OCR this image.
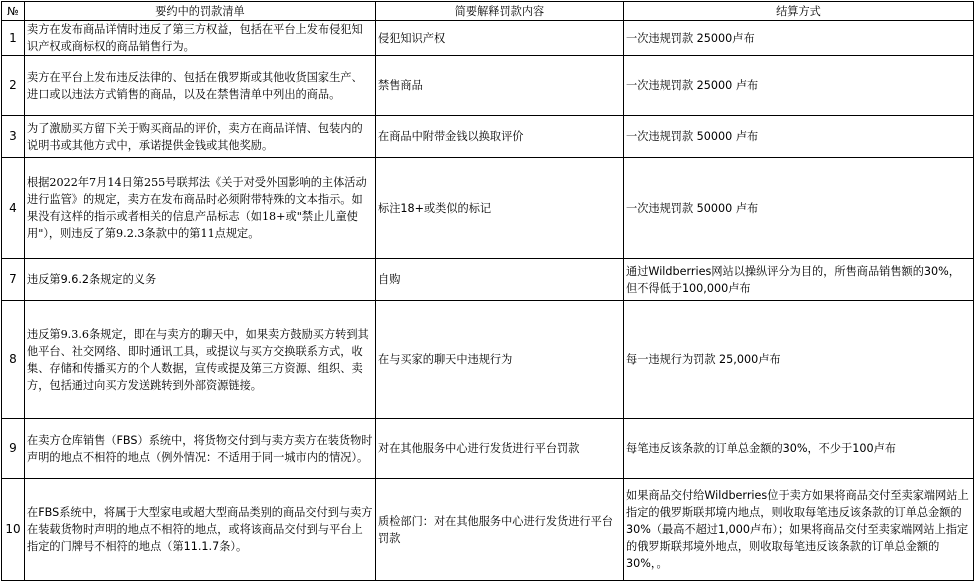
№	要约中的罚款清单	简要解释罚款内容	结算方式
1	卖方在发布商品详情时违反了第三方权益，包括在平台上发布侵犯知识产权或商标权的商品销售行为。	侵犯知识产权	一次违规罚款 25000卢布
2	卖方在平台上发布违反法律的、包括在俄罗斯或其他收货国家生产、进口或以违法方式销售的商品，以及在禁售清单中列出的商品。	禁售商品	一次违规罚款 25000 卢布
3	为了激励买方留下关于购买商品的评价，卖方在商品详情、包装内的说明书或其他方式中，承诺提供金钱或其他奖励。	在商品中附带金钱以换取评价	一次违规罚款 50000 卢布
4	根据2022年7月14日第255号联邦法《关于对受外国影响的主体活动进行监管》的规定，卖方在发布商品时必须附带特殊的文本指示。如果没有这样的指示或者相关的信息产品标志（如18+或"禁止儿童使用"），则违反了第9.2.3条款中的第11点规定。	标注18+或类似的标记	一次违规罚款 50000 卢布
7	违反第9.6.2条规定的义务	自购	通过Wildberries网站以操纵评分为目的，所售商品销售额的30%，但不得低于100,000卢布
8	违反第9.3.6条规定，即在与卖方的聊天中，如果卖方鼓励买方转到其他平台、社交网络、即时通讯工具，或提议与买方交换联系方式，收集、存储和传播买方的个人数据，宣传或提及第三方资源、组织、卖方，包括通过向买方发送跳转到外部资源链接。	在与买家的聊天中违规行为	每一违规行为罚款 25,000卢布
9	在卖方仓库销售（FBS）系统中，将货物交付到与卖方卖方在装货物时声明的地点不相符的地点（例外情况：不适用于同一城市内的情况）。	对在其他服务中心进行发货进行平台罚款	每笔违反该条款的订单总金额的30%，不少于100卢布
10	在FBS系统中，将属于大型家电或超大型商品类别的商品交付到与卖方在装载货物时声明的地点不相符的地点，或将该商品交付到与平台上指定的门牌号不相符的地点（第11.1.7条）。	质检部门：对在其他服务中心进行发货进行平台罚款	如果商品交付给Wildberries位于卖方如果将商品交付至卖家端网站上指定的俄罗斯联邦境内地点，则收取每笔违反该条款的订单总金额的30%（最高不超过1,000卢布）；如果将商品交付至卖家端网站上指定的俄罗斯联邦境外地点，则收取每笔违反该条款的订单总金额的30%，。
